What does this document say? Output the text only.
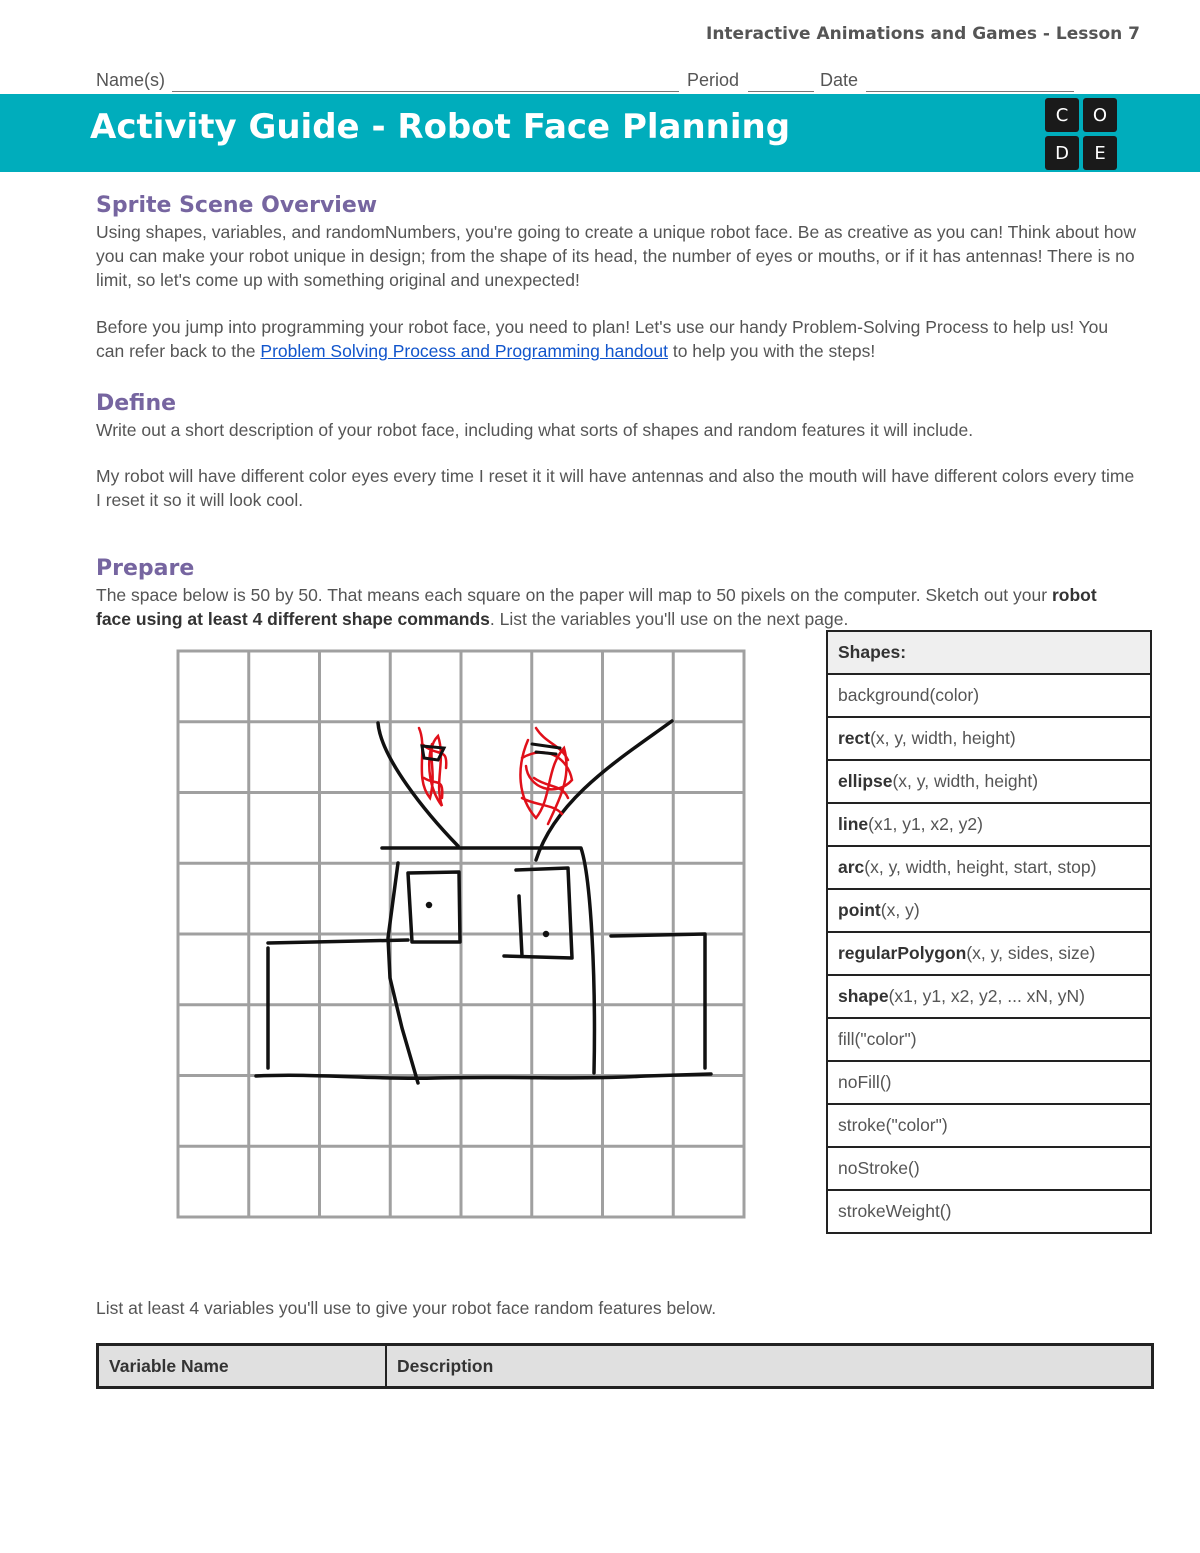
Interactive Animations and Games - Lesson 7
Name(s)	Period	Date
Activity Guide - Robot Face Planning	C	O
D	E
Sprite Scene Overview
Using shapes, variables, and randomNumbers, you're going to create a unique robot face. Be as creative as you can! Think about how you can make your robot unique in design; from the shape of its head, the number of eyes or mouths, or if it has antennas! There is no limit, so let's come up with something original and unexpected!
Before you jump into programming your robot face, you need to plan! Let's use our handy Problem-Solving Process to help us! You can refer back to the Problem Solving Process and Programming handout to help you with the steps!
Define
Write out a short description of your robot face, including what sorts of shapes and random features it will include.
My robot will have different color eyes every time I reset it it will have antennas and also the mouth will have different colors every time I reset it so it will look cool.
Prepare
The space below is 50 by 50. That means each square on the paper will map to 50 pixels on the computer. Sketch out your robot face using at least 4 different shape commands. List the variables you'll use on the next page.
Shapes:
background(color)
rect(x, y, width, height)
ellipse(x, y, width, height)
line(x1, y1, x2, y2)
arc(x, y, width, height, start, stop)
point(x, y)
regularPolygon(x, y, sides, size)
shape(x1, y1, x2, y2, ... xN, yN)
fill("color")
noFill()
stroke("color")
noStroke()
strokeWeight()
List at least 4 variables you'll use to give your robot face random features below.
Variable Name	Description
